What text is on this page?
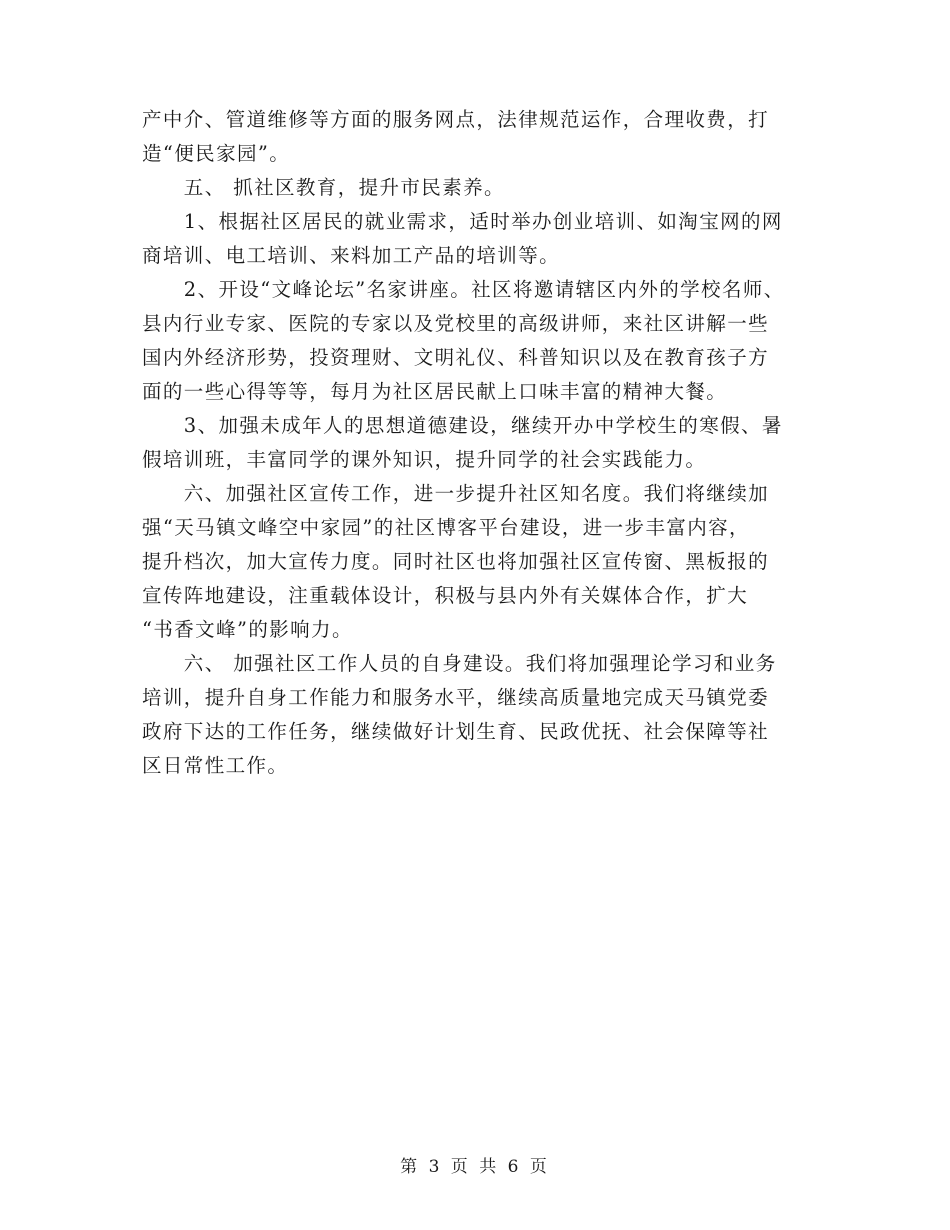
产中介、管道维修等方面的服务网点，法律规范运作，合理收费，打
造“便民家园”。
　　五、 抓社区教育，提升市民素养。
　　1、根据社区居民的就业需求，适时举办创业培训、如淘宝网的网
商培训、电工培训、来料加工产品的培训等。
　　2、开设“文峰论坛”名家讲座。社区将邀请辖区内外的学校名师、
县内行业专家、医院的专家以及党校里的高级讲师，来社区讲解一些
国内外经济形势，投资理财、文明礼仪、科普知识以及在教育孩子方
面的一些心得等等，每月为社区居民献上口味丰富的精神大餐。
　　3、加强未成年人的思想道德建设，继续开办中学校生的寒假、暑
假培训班，丰富同学的课外知识，提升同学的社会实践能力。
　　六、加强社区宣传工作，进一步提升社区知名度。我们将继续加
强“天马镇文峰空中家园”的社区博客平台建设，进一步丰富内容，
提升档次，加大宣传力度。同时社区也将加强社区宣传窗、黑板报的
宣传阵地建设，注重载体设计，积极与县内外有关媒体合作，扩大
“书香文峰”的影响力。
　　六、 加强社区工作人员的自身建设。我们将加强理论学习和业务
培训，提升自身工作能力和服务水平，继续高质量地完成天马镇党委
政府下达的工作任务，继续做好计划生育、民政优抚、社会保障等社
区日常性工作。
第 3 页 共 6 页
